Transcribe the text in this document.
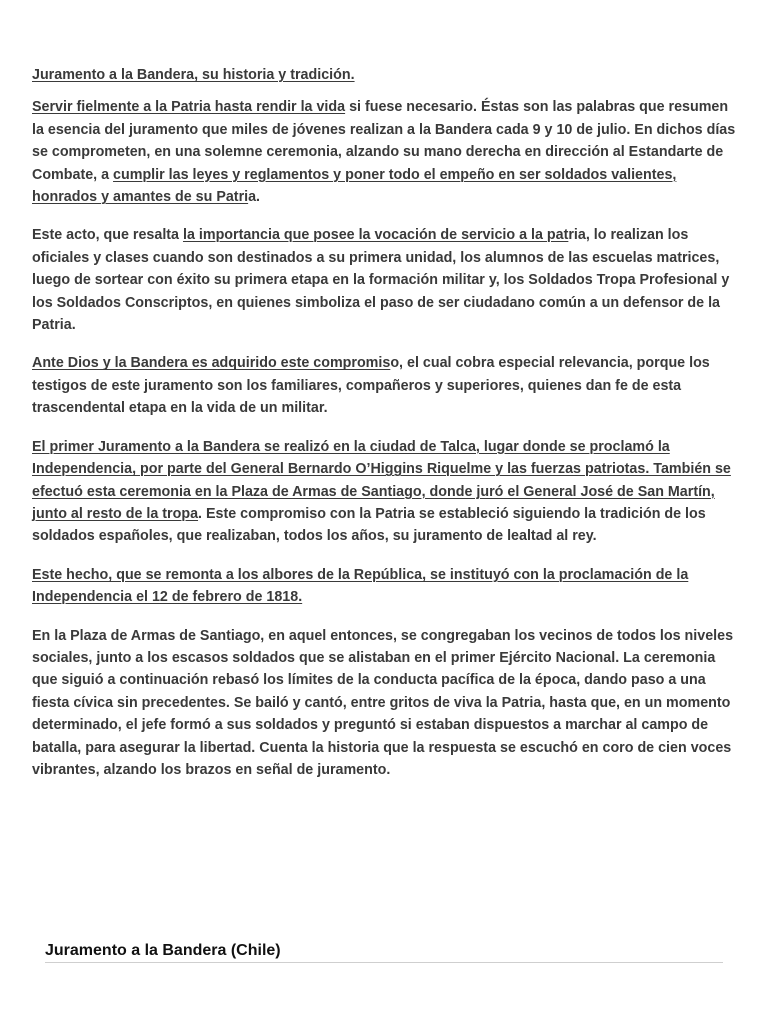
Juramento a la Bandera, su historia y tradición.

Servir fielmente a la Patria hasta rendir la vida si fuese necesario. Éstas son las palabras que resumen la esencia del juramento que miles de jóvenes realizan a la Bandera cada 9 y 10 de julio. En dichos días se comprometen, en una solemne ceremonia, alzando su mano derecha en dirección al Estandarte de Combate, a cumplir las leyes y reglamentos y poner todo el empeño en ser soldados valientes, honrados y amantes de su Patria.

Este acto, que resalta la importancia que posee la vocación de servicio a la patria, lo realizan los oficiales y clases cuando son destinados a su primera unidad, los alumnos de las escuelas matrices, luego de sortear con éxito su primera etapa en la formación militar y, los Soldados Tropa Profesional y los Soldados Conscriptos, en quienes simboliza el paso de ser ciudadano común a un defensor de la Patria.

Ante Dios y la Bandera es adquirido este compromiso, el cual cobra especial relevancia, porque los testigos de este juramento son los familiares, compañeros y superiores, quienes dan fe de esta trascendental etapa en la vida de un militar.

El primer Juramento a la Bandera se realizó en la ciudad de Talca, lugar donde se proclamó la Independencia, por parte del General Bernardo O’Higgins Riquelme y las fuerzas patriotas. También se efectuó esta ceremonia en la Plaza de Armas de Santiago, donde juró el General José de San Martín, junto al resto de la tropa. Este compromiso con la Patria se estableció siguiendo la tradición de los soldados españoles, que realizaban, todos los años, su juramento de lealtad al rey.

Este hecho, que se remonta a los albores de la República, se instituyó con la proclamación de la Independencia el 12 de febrero de 1818.

En la Plaza de Armas de Santiago, en aquel entonces, se congregaban los vecinos de todos los niveles sociales, junto a los escasos soldados que se alistaban en el primer Ejército Nacional. La ceremonia que siguió a continuación rebasó los límites de la conducta pacífica de la época, dando paso a una fiesta cívica sin precedentes. Se bailó y cantó, entre gritos de viva la Patria, hasta que, en un momento determinado, el jefe formó a sus soldados y preguntó si estaban dispuestos a marchar al campo de batalla, para asegurar la libertad. Cuenta la historia que la respuesta se escuchó en coro de cien voces vibrantes, alzando los brazos en señal de juramento.

Juramento a la Bandera (Chile)
